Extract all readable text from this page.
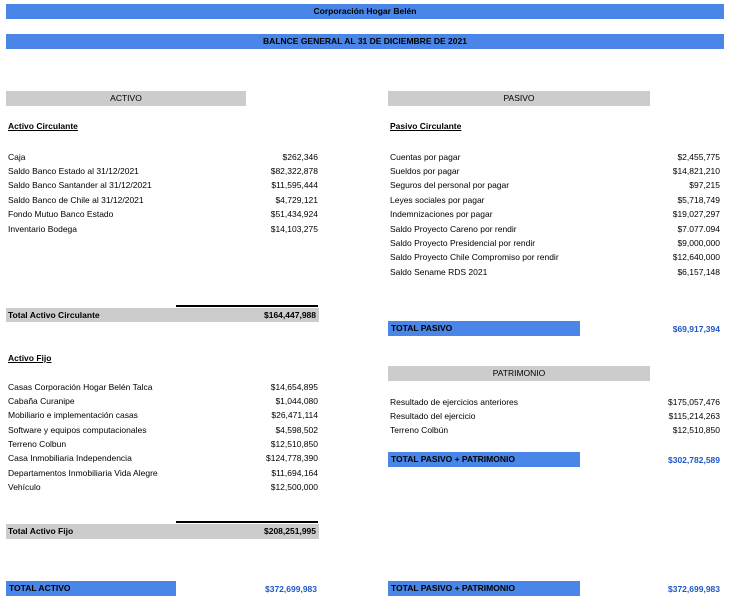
Corporación Hogar Belén
BALNCE GENERAL AL 31 DE DICIEMBRE DE 2021
ACTIVO	PASIVO
Activo Circulante
Caja	$262,346
Saldo Banco Estado al 31/12/2021	$82,322,878
Saldo Banco Santander al 31/12/2021	$11,595,444
Saldo Banco de Chile al 31/12/2021	$4,729,121
Fondo Mutuo Banco Estado	$51,434,924
Inventario Bodega	$14,103,275
Total Activo Circulante	$164,447,988
Activo Fijo
Casas Corporación Hogar Belén Talca	$14,654,895
Cabaña Curanipe	$1,044,080
Mobiliario e implementación casas	$26,471,114
Software y equipos computacionales	$4,598,502
Terreno Colbun	$12,510,850
Casa Inmobiliaria Independencia	$124,778,390
Departamentos Inmobiliaria Vida Alegre	$11,694,164
Vehículo	$12,500,000
Total Activo Fijo	$208,251,995
TOTAL ACTIVO	$372,699,983
Pasivo Circulante
Cuentas por pagar	$2,455,775
Sueldos por pagar	$14,821,210
Seguros del personal por pagar	$97,215
Leyes sociales por pagar	$5,718,749
Indemnizaciones por pagar	$19,027,297
Saldo Proyecto Careno por rendir	$7.077.094
Saldo Proyecto Presidencial por rendir	$9,000,000
Saldo Proyecto Chile Compromiso por rendir	$12,640,000
Saldo Sename RDS 2021	$6,157,148
TOTAL PASIVO	$69,917,394
PATRIMONIO
Resultado de ejercicios anteriores	$175,057,476
Resultado del ejercicio	$115,214,263
Terreno Colbún	$12,510,850
TOTAL PASIVO + PATRIMONIO	$302,782,589
TOTAL PASIVO + PATRIMONIO	$372,699,983
